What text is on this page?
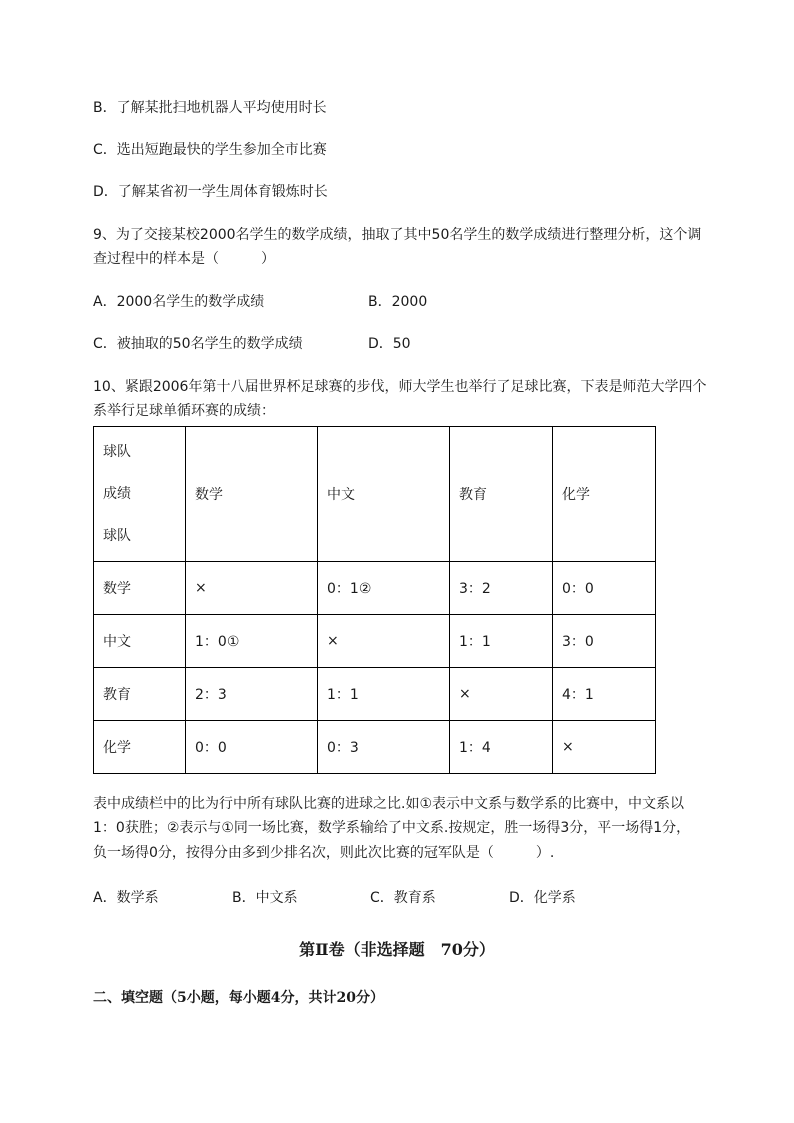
B．了解某批扫地机器人平均使用时长
C．选出短跑最快的学生参加全市比赛
D．了解某省初一学生周体育锻炼时长
9、为了交接某校2000名学生的数学成绩，抽取了其中50名学生的数学成绩进行整理分析，这个调
查过程中的样本是（　　　）
A．2000名学生的数学成绩	B．2000
C．被抽取的50名学生的数学成绩	D．50
10、紧跟2006年第十八届世界杯足球赛的步伐，师大学生也举行了足球比赛，下表是师范大学四个
系举行足球单循环赛的成绩：
球队
成绩
球队	数学	中文	教育	化学
数学	×	0：1②	3：2	0：0
中文	1：0①	×	1：1	3：0
教育	2：3	1：1	×	4：1
化学	0：0	0：3	1：4	×
表中成绩栏中的比为行中所有球队比赛的进球之比.如①表示中文系与数学系的比赛中，中文系以
1：0获胜；②表示与①同一场比赛，数学系输给了中文系.按规定，胜一场得3分，平一场得1分，
负一场得0分，按得分由多到少排名次，则此次比赛的冠军队是（　　　）.
A．数学系	B．中文系	C．教育系	D．化学系
第Ⅱ卷（非选择题　70分）
二、填空题（5小题，每小题4分，共计20分）
